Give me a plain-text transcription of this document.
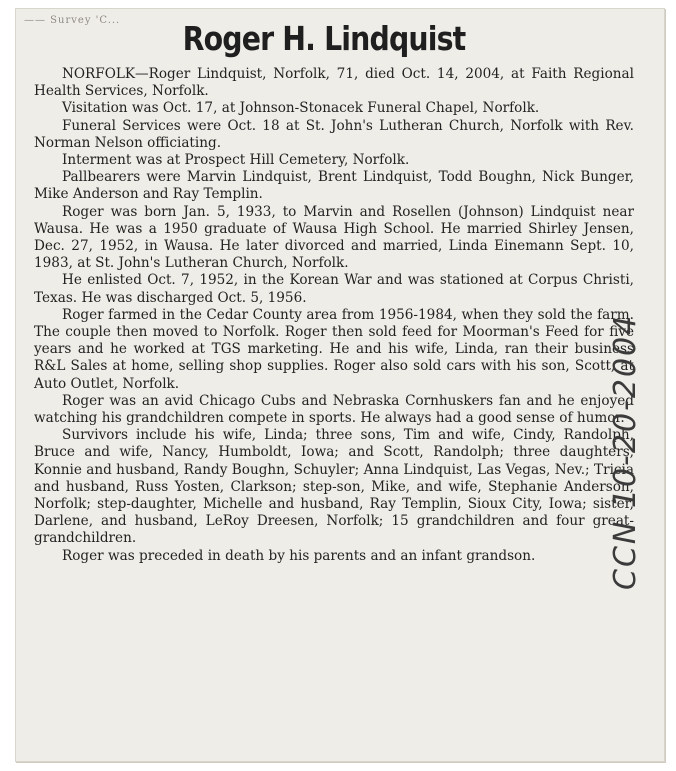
—— Survey 'C...	Roger H. Lindquist

NORFOLK—Roger Lindquist, Norfolk, 71, died Oct. 14, 2004, at Faith Regional Health Services, Norfolk.

Visitation was Oct. 17, at Johnson-Stonacek Funeral Chapel, Norfolk.

Funeral Services were Oct. 18 at St. John's Lutheran Church, Norfolk with Rev. Norman Nelson officiating.

Interment was at Prospect Hill Cemetery, Norfolk.

Pallbearers were Marvin Lindquist, Brent Lindquist, Todd Boughn, Nick Bunger, Mike Anderson and Ray Templin.

Roger was born Jan. 5, 1933, to Marvin and Rosellen (Johnson) Lindquist near Wausa. He was a 1950 graduate of Wausa High School. He married Shirley Jensen, Dec. 27, 1952, in Wausa. He later divorced and married, Linda Einemann Sept. 10, 1983, at St. John's Lutheran Church, Norfolk.

He enlisted Oct. 7, 1952, in the Korean War and was stationed at Corpus Christi, Texas. He was discharged Oct. 5, 1956.

Roger farmed in the Cedar County area from 1956-1984, when they sold the farm. The couple then moved to Norfolk. Roger then sold feed for Moorman's Feed for five years and he worked at TGS marketing. He and his wife, Linda, ran their business R&L Sales at home, selling shop supplies. Roger also sold cars with his son, Scott, at Auto Outlet, Norfolk.

Roger was an avid Chicago Cubs and Nebraska Cornhuskers fan and he enjoyed watching his grandchildren compete in sports. He always had a good sense of humor.

Survivors include his wife, Linda; three sons, Tim and wife, Cindy, Randolph, Bruce and wife, Nancy, Humboldt, Iowa; and Scott, Randolph; three daughters, Konnie and husband, Randy Boughn, Schuyler; Anna Lindquist, Las Vegas, Nev.; Tricia and husband, Russ Yosten, Clarkson; step-son, Mike, and wife, Stephanie Anderson, Norfolk; step-daughter, Michelle and husband, Ray Templin, Sioux City, Iowa; sister, Darlene, and husband, LeRoy Dreesen, Norfolk; 15 grandchildren and four great-grandchildren.

Roger was preceded in death by his parents and an infant grandson.	CCN 10-20-2004
